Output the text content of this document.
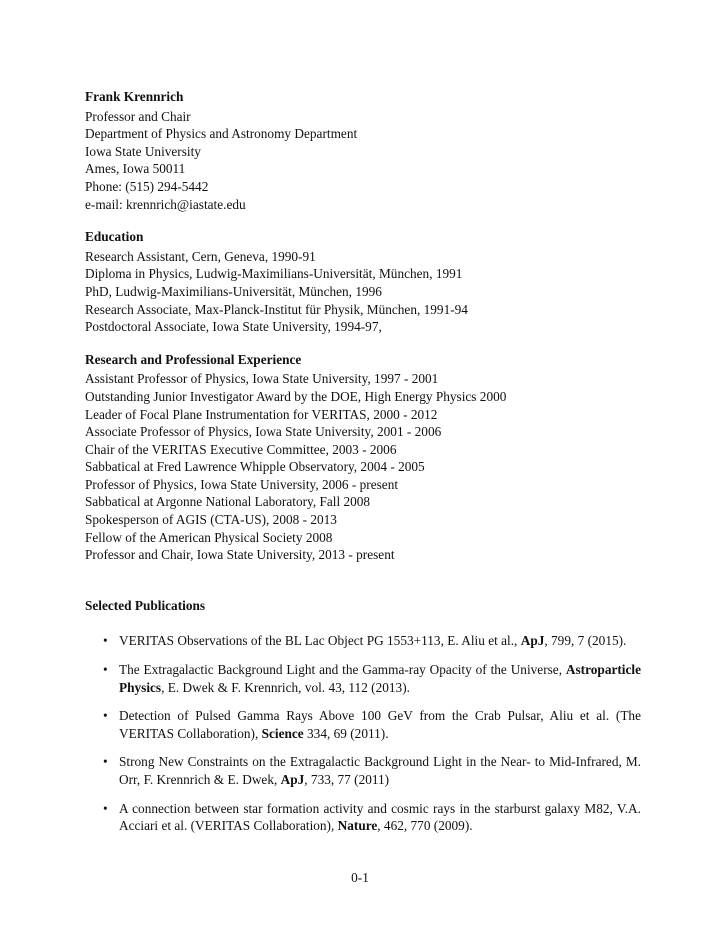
Frank Krennrich
Professor and Chair
Department of Physics and Astronomy Department
Iowa State University
Ames, Iowa 50011
Phone: (515) 294-5442
e-mail: krennrich@iastate.edu
Education
Research Assistant, Cern, Geneva, 1990-91
Diploma in Physics, Ludwig-Maximilians-Universität, München, 1991
PhD, Ludwig-Maximilians-Universität, München, 1996
Research Associate, Max-Planck-Institut für Physik, München, 1991-94
Postdoctoral Associate, Iowa State University, 1994-97,
Research and Professional Experience
Assistant Professor of Physics, Iowa State University, 1997 - 2001
Outstanding Junior Investigator Award by the DOE, High Energy Physics 2000
Leader of Focal Plane Instrumentation for VERITAS, 2000 - 2012
Associate Professor of Physics, Iowa State University, 2001 - 2006
Chair of the VERITAS Executive Committee, 2003 - 2006
Sabbatical at Fred Lawrence Whipple Observatory, 2004 - 2005
Professor of Physics, Iowa State University, 2006 - present
Sabbatical at Argonne National Laboratory, Fall 2008
Spokesperson of AGIS (CTA-US), 2008 - 2013
Fellow of the American Physical Society 2008
Professor and Chair, Iowa State University, 2013 - present
Selected Publications
• VERITAS Observations of the BL Lac Object PG 1553+113, E. Aliu et al., ApJ, 799, 7 (2015).
• The Extragalactic Background Light and the Gamma-ray Opacity of the Universe, Astroparticle Physics, E. Dwek & F. Krennrich, vol. 43, 112 (2013).
• Detection of Pulsed Gamma Rays Above 100 GeV from the Crab Pulsar, Aliu et al. (The VERITAS Collaboration), Science 334, 69 (2011).
• Strong New Constraints on the Extragalactic Background Light in the Near- to Mid-Infrared, M. Orr, F. Krennrich & E. Dwek, ApJ, 733, 77 (2011)
• A connection between star formation activity and cosmic rays in the starburst galaxy M82, V.A. Acciari et al. (VERITAS Collaboration), Nature, 462, 770 (2009).
0-1
